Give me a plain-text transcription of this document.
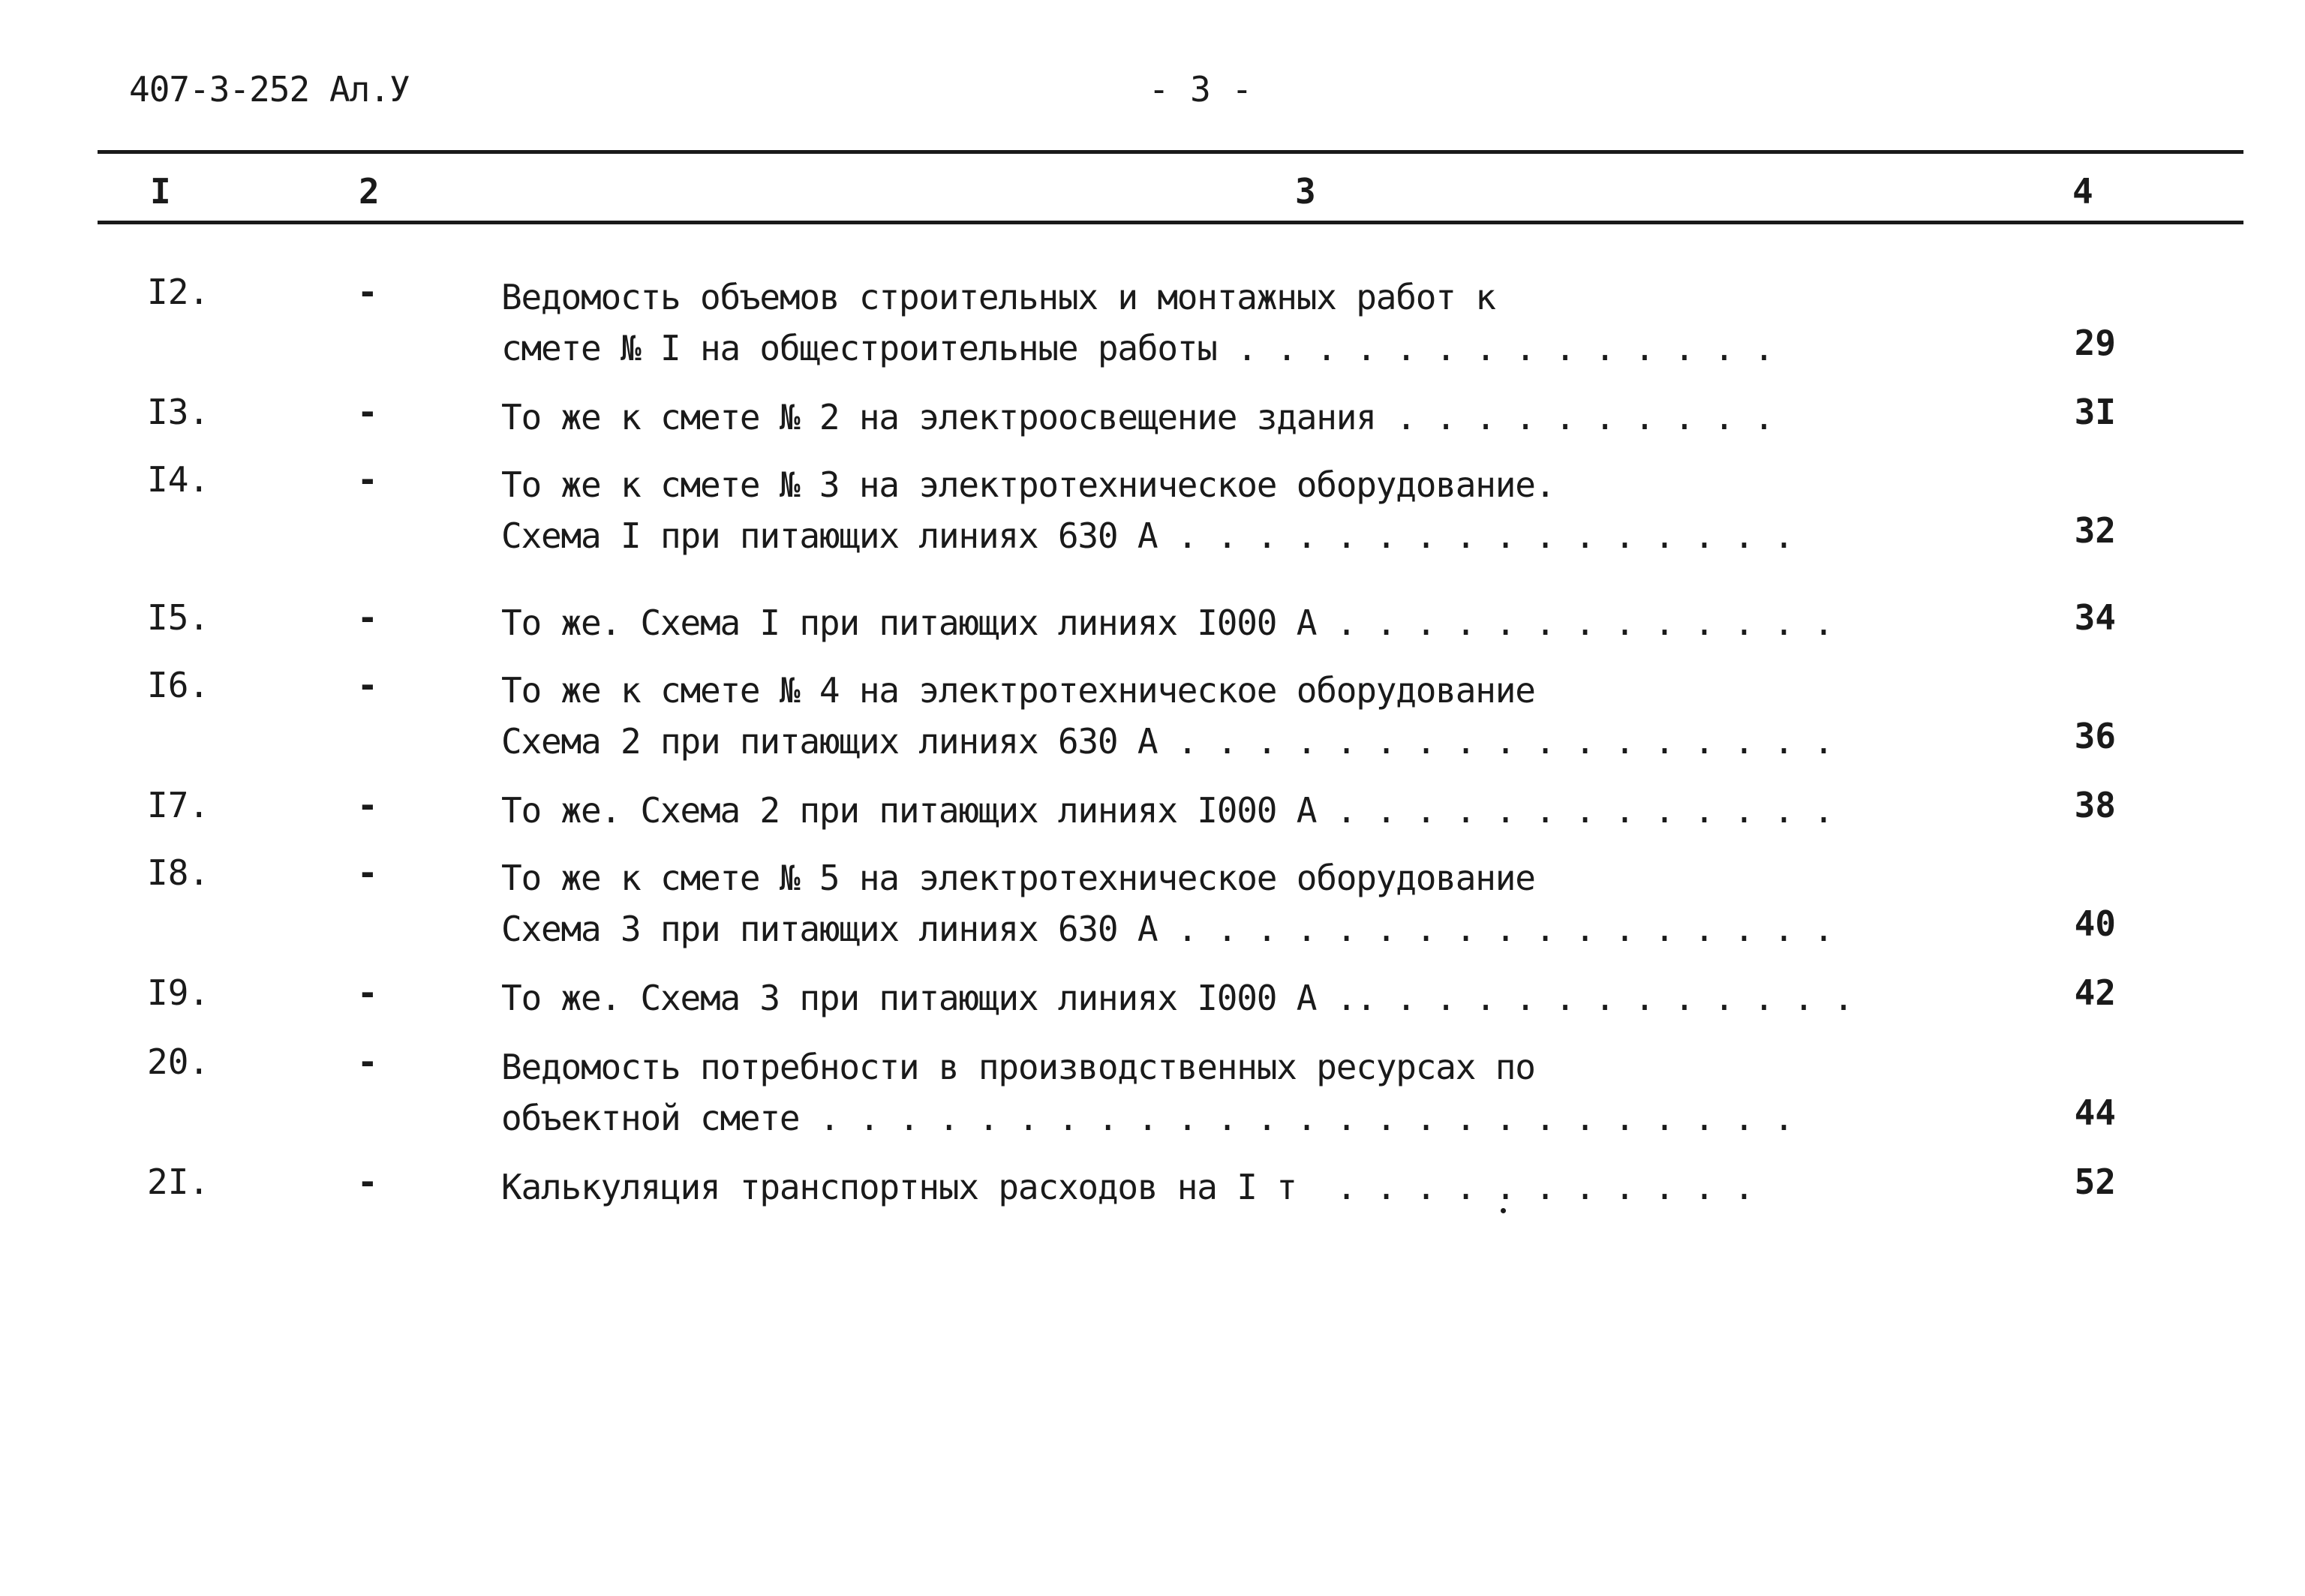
407-3-252 Ал.У	- 3 -
I	2	3	4
I2.	-	Ведомость объемов строительных и монтажных работ к
смете № I на общестроительные работы . . . . . . . . . . . . . .	29
I3.	-	То же к смете № 2 на электроосвещение здания . . . . . . . . . .	3I
I4.	-	То же к смете № 3 на электротехническое оборудование.
Схема I при питающих линиях 630 А . . . . . . . . . . . . . . . .	32
I5.	-	То же. Схема I при питающих линиях I000 А . . . . . . . . . . . . .	34
I6.	-	То же к смете № 4 на электротехническое оборудование
Схема 2 при питающих линиях 630 А . . . . . . . . . . . . . . . . .	36
I7.	-	То же. Схема 2 при питающих линиях I000 А . . . . . . . . . . . . .	38
I8.	-	То же к смете № 5 на электротехническое оборудование
Схема 3 при питающих линиях 630 А . . . . . . . . . . . . . . . . .	40
I9.	-	То же. Схема 3 при питающих линиях I000 А .. . . . . . . . . . . . .	42
20.	-	Ведомость потребности в производственных ресурсах по
объектной смете . . . . . . . . . . . . . . . . . . . . . . . . .	44
2I.	-	Калькуляция транспортных расходов на I т  . . . . . . . . . . .	52
